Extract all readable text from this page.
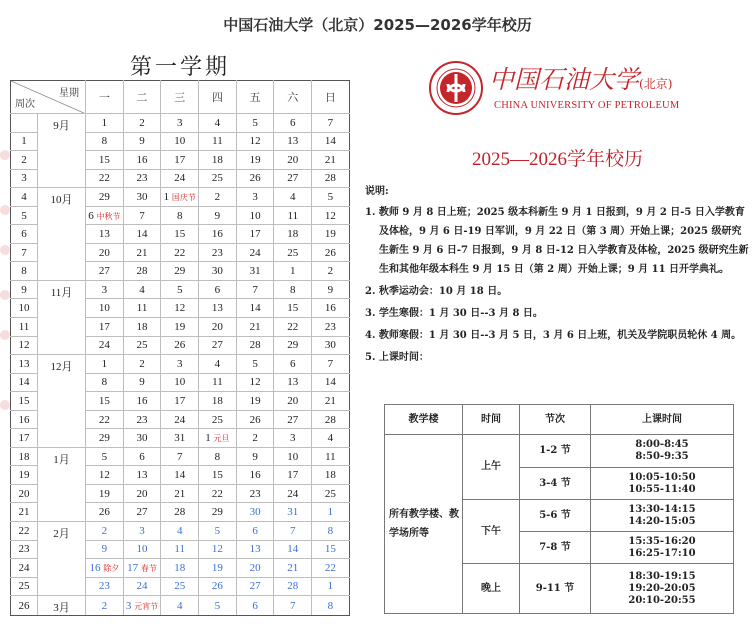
中国石油大学（北京）2025—2026学年校历
第一学期
星期
周次		一	二	三	四	五	六	日
	9月	1	2	3	4	5	6	7
1		8	9	10	11	12	13	14
2		15	16	17	18	19	20	21
3		22	23	24	25	26	27	28
4	10月	29	30	1 国庆节	2	3	4	5
5		6 中秋节	7	8	9	10	11	12
6		13	14	15	16	17	18	19
7		20	21	22	23	24	25	26
8		27	28	29	30	31	1	2
9	11月	3	4	5	6	7	8	9
10		10	11	12	13	14	15	16
11		17	18	19	20	21	22	23
12		24	25	26	27	28	29	30
13	12月	1	2	3	4	5	6	7
14		8	9	10	11	12	13	14
15		15	16	17	18	19	20	21
16		22	23	24	25	26	27	28
17		29	30	31	1 元旦	2	3	4
18	1月	5	6	7	8	9	10	11
19		12	13	14	15	16	17	18
20		19	20	21	22	23	24	25
21		26	27	28	29	30	31	1
22	2月	2	3	4	5	6	7	8
23		9	10	11	12	13	14	15
24		16 除夕	17 春节	18	19	20	21	22
25		23	24	25	26	27	28	1
26	3月	2	3 元宵节	4	5	6	7	8
中国石油大学(北京)
CHINA UNIVERSITY OF PETROLEUM
2025—2026学年校历
说明:
1. 教师 9 月 8 日上班；2025 级本科新生 9 月 1 日报到，9 月 2 日-5 日入学教育及体检，9 月 6 日-19 日军训，9 月 22 日（第 3 周）开始上课；2025 级研究生新生 9 月 6 日-7 日报到，9 月 8 日-12 日入学教育及体检，2025 级研究生新生和其他年级本科生 9 月 15 日（第 2 周）开始上课；9 月 11 日开学典礼。
2. 秋季运动会：10 月 18 日。
3. 学生寒假：1 月 30 日--3 月 8 日。
4. 教师寒假：1 月 30 日--3 月 5 日，3 月 6 日上班，机关及学院职员轮休 4 周。
5. 上课时间：
教学楼	时间	节次	上课时间
所有教学楼、教学场所等	上午	1-2 节	8:00-8:45
8:50-9:35

		3-4 节	10:05-10:50
10:55-11:40

	下午	5-6 节	13:30-14:15
14:20-15:05

		7-8 节	15:35-16:20
16:25-17:10

	晚上	9-11 节	18:30-19:15
19:20-20:05
20:10-20:55
